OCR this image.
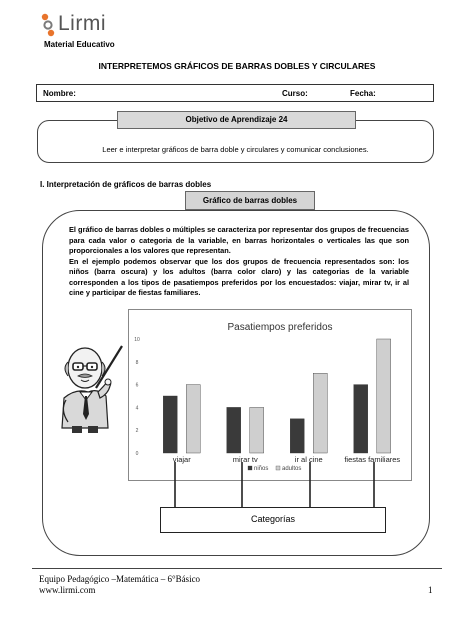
Lirmi
Material Educativo
INTERPRETEMOS GRÁFICOS DE BARRAS DOBLES Y CIRCULARES
Nombre:	Curso:	Fecha:
Objetivo de Aprendizaje 24
Leer e interpretar gráficos de barra doble y circulares y comunicar conclusiones.
I. Interpretación de gráficos de barras dobles
Gráfico de barras dobles
El gráfico de barras dobles o múltiples se caracteriza por representar dos grupos de frecuencias para cada valor o categoria de la variable, en barras horizontales o verticales las que son proporcionales a los valores que representan.
En el ejemplo podemos observar que los dos grupos de frecuencia representados son: los niños (barra oscura) y los adultos (barra color claro) y las categorias de la variable corresponden a los tipos de pasatiempos preferidos por los encuestados: viajar, mirar tv, ir al cine y participar de fiestas familiares.
Pasatiempos preferidos
0
2
4
6
8
10
viajar	mirar tv	ir al cine	fiestas familiares
niños adultos
Categorías
Equipo Pedagógico –Matemática – 6°Básico
www.lirmi.com	1
